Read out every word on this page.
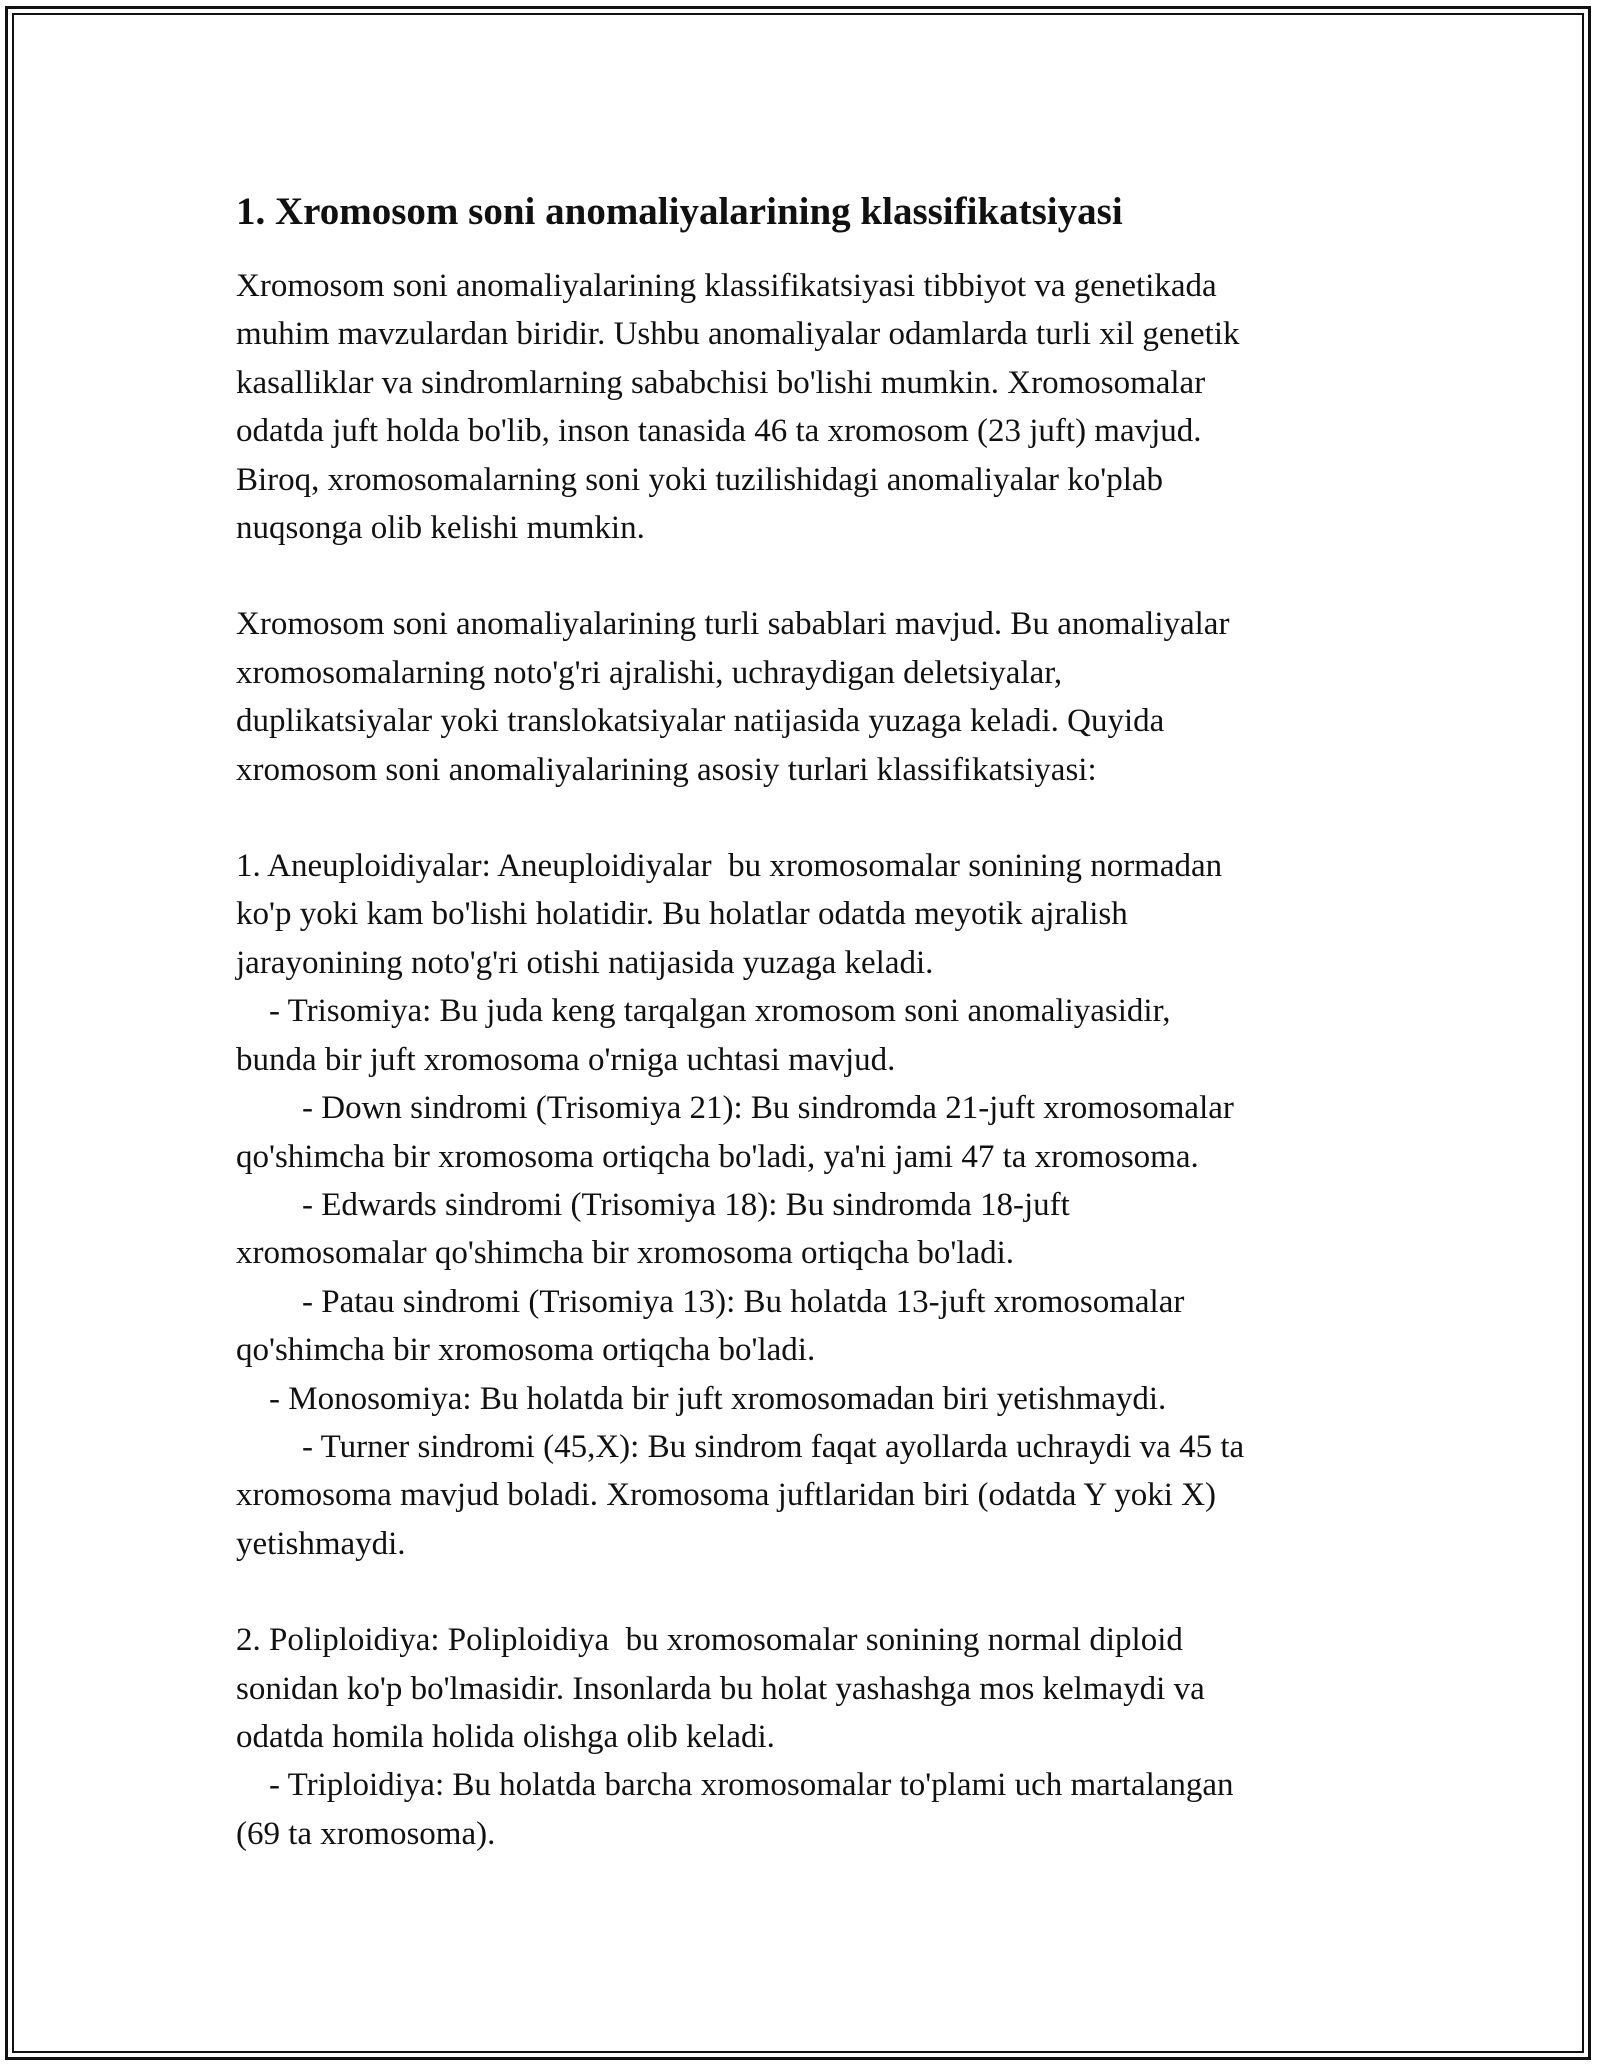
1. Xromosom soni anomaliyalarining klassifikatsiyasi

Xromosom soni anomaliyalarining klassifikatsiyasi tibbiyot va genetikada
muhim mavzulardan biridir. Ushbu anomaliyalar odamlarda turli xil genetik
kasalliklar va sindromlarning sababchisi bo'lishi mumkin. Xromosomalar
odatda juft holda bo'lib, inson tanasida 46 ta xromosom (23 juft) mavjud.
Biroq, xromosomalarning soni yoki tuzilishidagi anomaliyalar ko'plab
nuqsonga olib kelishi mumkin.

Xromosom soni anomaliyalarining turli sabablari mavjud. Bu anomaliyalar
xromosomalarning noto'g'ri ajralishi, uchraydigan deletsiyalar,
duplikatsiyalar yoki translokatsiyalar natijasida yuzaga keladi. Quyida
xromosom soni anomaliyalarining asosiy turlari klassifikatsiyasi:

1. Aneuploidiyalar: Aneuploidiyalar  bu xromosomalar sonining normadan
ko'p yoki kam bo'lishi holatidir. Bu holatlar odatda meyotik ajralish
jarayonining noto'g'ri otishi natijasida yuzaga keladi.
- Trisomiya: Bu juda keng tarqalgan xromosom soni anomaliyasidir,
bunda bir juft xromosoma o'rniga uchtasi mavjud.
- Down sindromi (Trisomiya 21): Bu sindromda 21-juft xromosomalar
qo'shimcha bir xromosoma ortiqcha bo'ladi, ya'ni jami 47 ta xromosoma.
- Edwards sindromi (Trisomiya 18): Bu sindromda 18-juft
xromosomalar qo'shimcha bir xromosoma ortiqcha bo'ladi.
- Patau sindromi (Trisomiya 13): Bu holatda 13-juft xromosomalar
qo'shimcha bir xromosoma ortiqcha bo'ladi.
- Monosomiya: Bu holatda bir juft xromosomadan biri yetishmaydi.
- Turner sindromi (45,X): Bu sindrom faqat ayollarda uchraydi va 45 ta
xromosoma mavjud boladi. Xromosoma juftlaridan biri (odatda Y yoki X)
yetishmaydi.

2. Poliploidiya: Poliploidiya  bu xromosomalar sonining normal diploid
sonidan ko'p bo'lmasidir. Insonlarda bu holat yashashga mos kelmaydi va
odatda homila holida olishga olib keladi.
- Triploidiya: Bu holatda barcha xromosomalar to'plami uch martalangan
(69 ta xromosoma).
